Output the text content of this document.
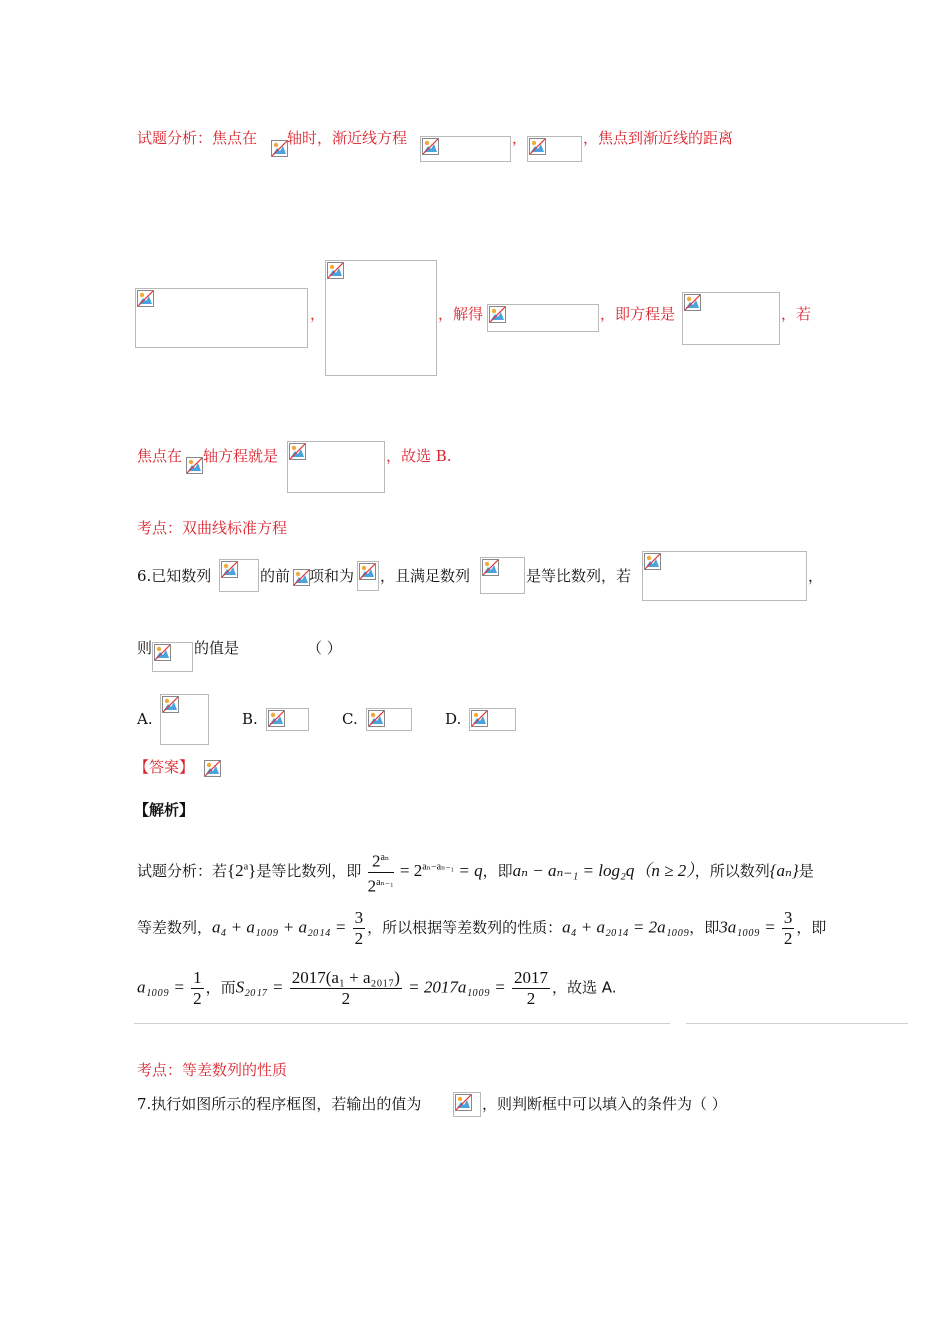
试题分析：焦点在 轴时，渐近线方程	，	，焦点到渐近线的距离
，	，解得	，即方程是	，若
焦点在 轴方程就是	，故选 B.
考点：双曲线标准方程
6.已知数列	的前 项和为 ，且满足数列	是等比数列，若	，
则	的值是	（ ）
A.	B.	C.	D.
【答案】
【解析】
试题分析：若{2$^a$}是等比数列，即 $\frac{2^{a_n}}{2^{a_{n-1}}} = 2^{a_n-a_{n-1}} = q$，即aₙ − aₙ₋₁ = log₂q（n ≥ 2），所以数列{aₙ}是
等差数列，$a_4 + a_{1009} + a_{2014} = \frac{3}{2}$ ，所以根据等差数列的性质：a₄ + a₂₀₁₄ = 2a₁₀₀₉，即$3a_{1009} = \frac{3}{2}$ ，即
$a_{1009} = \frac{1}{2}$ ，而$S_{2017} = \frac{\text{2017(a₁ + a₂₀₁₇)}}{2} = 2017a_{1009} = \frac{2017}{2}$ ，故选 A.
考点：等差数列的性质
7.执行如图所示的程序框图，若输出的值为	，则判断框中可以填入的条件为（ ）
